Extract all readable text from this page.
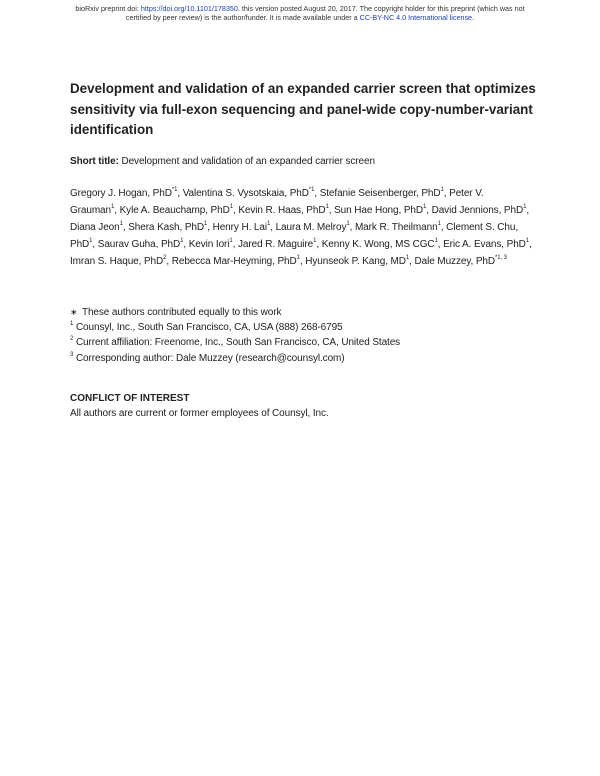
bioRxiv preprint doi: https://doi.org/10.1101/178350. this version posted August 20, 2017. The copyright holder for this preprint (which was not
certified by peer review) is the author/funder. It is made available under a CC-BY-NC 4.0 International license.
Development and validation of an expanded carrier screen that optimizes sensitivity via full-exon sequencing and panel-wide copy-number-variant identification
Short title: Development and validation of an expanded carrier screen
Gregory J. Hogan, PhD$^{*1}$, Valentina S. Vysotskaia, PhD$^{*1}$, Stefanie Seisenberger, PhD$^1$, Peter V. Grauman$^1$, Kyle A. Beauchamp, PhD$^1$, Kevin R. Haas, PhD$^1$, Sun Hae Hong, PhD$^1$, David Jennions, PhD$^1$, Diana Jeon$^1$, Shera Kash, PhD$^1$, Henry H. Lai$^1$, Laura M. Melroy$^1$, Mark R. Theilmann$^1$, Clement S. Chu, PhD$^1$, Saurav Guha, PhD$^1$, Kevin Iori$^1$, Jared R. Maguire$^1$, Kenny K. Wong, MS CGC$^1$, Eric A. Evans, PhD$^1$, Imran S. Haque, PhD$^2$, Rebecca Mar-Heyming, PhD$^1$, Hyunseok P. Kang, $MD^1$, Dale Muzzey, PhD$^{*1, 3}$
∗ These authors contributed equally to this work
$^1$ Counsyl, Inc., South San Francisco, CA, USA (888) 268-6795
$^2$ Current affiliation: Freenome, Inc., South San Francisco, CA, United States
$^3$ Corresponding author: Dale Muzzey (research@counsyl.com)
CONFLICT OF INTEREST
All authors are current or former employees of Counsyl, Inc.
